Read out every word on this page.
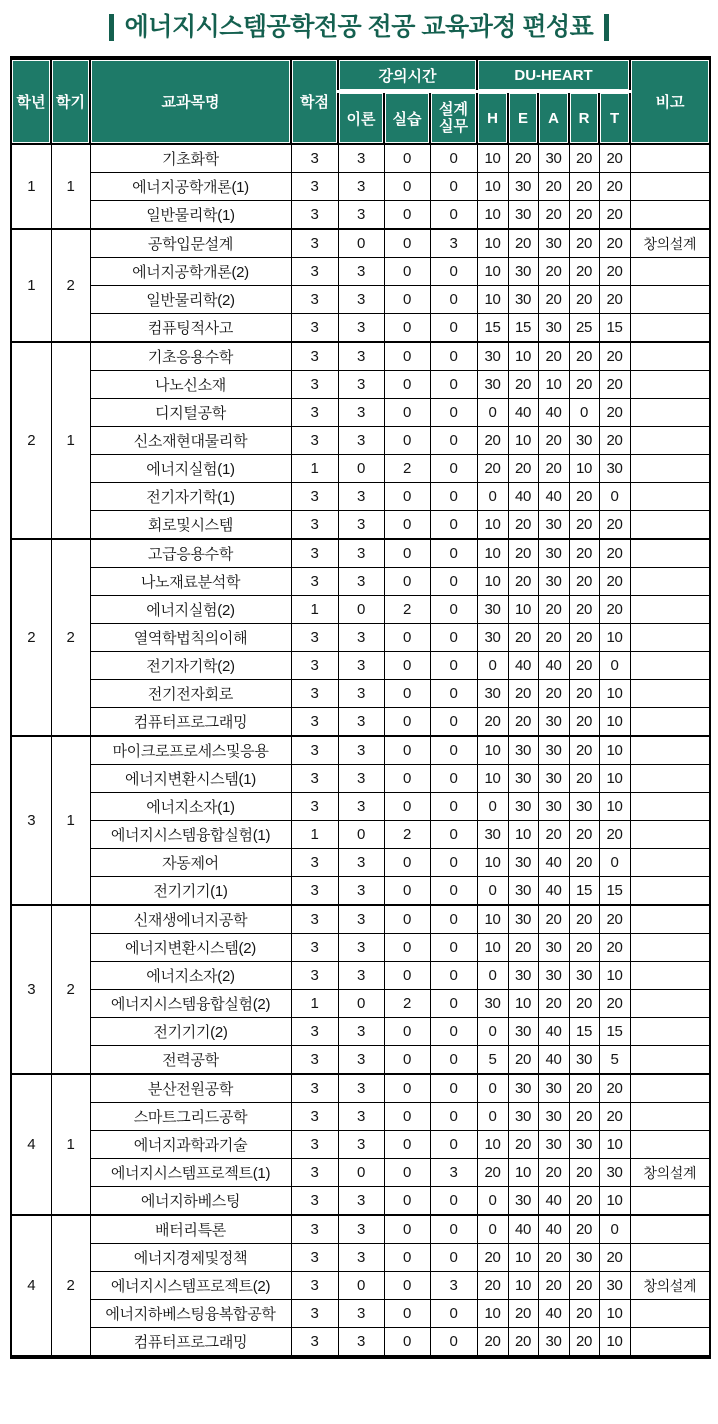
에너지시스템공학전공 전공 교육과정 편성표
학년	학기	교과목명	학점	강의시간			DU-HEART					비고
				이론	실습	설계실무	H	E	A	R	T	
1	1	기초화학	3	3	0	0	10	20	30	20	20	
		에너지공학개론(1)	3	3	0	0	10	30	20	20	20	
		일반물리학(1)	3	3	0	0	10	30	20	20	20	
1	2	공학입문설계	3	0	0	3	10	20	30	20	20	창의설계
		에너지공학개론(2)	3	3	0	0	10	30	20	20	20	
		일반물리학(2)	3	3	0	0	10	30	20	20	20	
		컴퓨팅적사고	3	3	0	0	15	15	30	25	15	
2	1	기초응용수학	3	3	0	0	30	10	20	20	20	
		나노신소재	3	3	0	0	30	20	10	20	20	
		디지털공학	3	3	0	0	0	40	40	0	20	
		신소재현대물리학	3	3	0	0	20	10	20	30	20	
		에너지실험(1)	1	0	2	0	20	20	20	10	30	
		전기자기학(1)	3	3	0	0	0	40	40	20	0	
		회로및시스템	3	3	0	0	10	20	30	20	20	
2	2	고급응용수학	3	3	0	0	10	20	30	20	20	
		나노재료분석학	3	3	0	0	10	20	30	20	20	
		에너지실험(2)	1	0	2	0	30	10	20	20	20	
		열역학법칙의이해	3	3	0	0	30	20	20	20	10	
		전기자기학(2)	3	3	0	0	0	40	40	20	0	
		전기전자회로	3	3	0	0	30	20	20	20	10	
		컴퓨터프로그래밍	3	3	0	0	20	20	30	20	10	
3	1	마이크로프로세스및응용	3	3	0	0	10	30	30	20	10	
		에너지변환시스템(1)	3	3	0	0	10	30	30	20	10	
		에너지소자(1)	3	3	0	0	0	30	30	30	10	
		에너지시스템융합실험(1)	1	0	2	0	30	10	20	20	20	
		자동제어	3	3	0	0	10	30	40	20	0	
		전기기기(1)	3	3	0	0	0	30	40	15	15	
3	2	신재생에너지공학	3	3	0	0	10	30	20	20	20	
		에너지변환시스템(2)	3	3	0	0	10	20	30	20	20	
		에너지소자(2)	3	3	0	0	0	30	30	30	10	
		에너지시스템융합실험(2)	1	0	2	0	30	10	20	20	20	
		전기기기(2)	3	3	0	0	0	30	40	15	15	
		전력공학	3	3	0	0	5	20	40	30	5	
4	1	분산전원공학	3	3	0	0	0	30	30	20	20	
		스마트그리드공학	3	3	0	0	0	30	30	20	20	
		에너지과학과기술	3	3	0	0	10	20	30	30	10	
		에너지시스템프로젝트(1)	3	0	0	3	20	10	20	20	30	창의설계
		에너지하베스팅	3	3	0	0	0	30	40	20	10	
4	2	배터리특론	3	3	0	0	0	40	40	20	0	
		에너지경제및정책	3	3	0	0	20	10	20	30	20	
		에너지시스템프로젝트(2)	3	0	0	3	20	10	20	20	30	창의설계
		에너지하베스팅융복합공학	3	3	0	0	10	20	40	20	10	
		컴퓨터프로그래밍	3	3	0	0	20	20	30	20	10	
